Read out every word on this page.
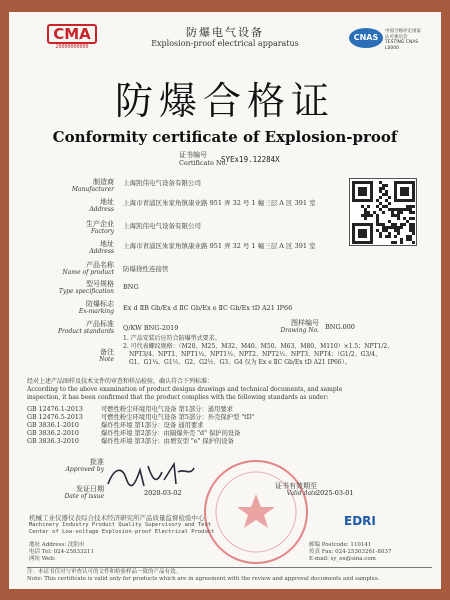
CMA
20000000000
防爆电气设备
Explosion-proof electrical apparatus
CNAS
中国合格评定国家认可委员会 TESTING CNAS L0000
防爆合格证
Conformity certificate of Explosion-proof
证书编号
Certificate No.
SYEx19.12284X
制造商
Manufacturer
上海凯伟电气设备有限公司
地址
Address
上海市青浦区朱家角镇康业路 951 弄 32 号 1 幢三层 A 区 391 室
生产企业
Factory
上海凯伟电气设备有限公司
地址
Address
上海市青浦区朱家角镇康业路 951 弄 32 号 1 幢三层 A 区 391 室
产品名称
Name of product 防爆挠性连接管
型号规格
Type specification
BNG
防爆标志
Ex-marking Ex d ⅡB Gb/Ex d ⅡC Gb/Ex e ⅡC Gb/Ex tD A21 IP66
产品标准
Product standards Q/KW BNG-2019
图样编号
Drawing No. BNG.000
备注
Note
1. 产品安装后应符合防爆型式要求。
2. 可代表螺纹规格：（M20、M25、M32、M40、M50、M63、M80、M110）×1.5；NPT1/2、
NPT3/4、NPT1、NPT1¼、NPT1½、NPT2、NPT2½、NPT3、NPT4；（G1/2、G3/4、
G1、G1¼、G1½、G2、G2½、G3、G4 仅为 Ex e ⅡC Gb/Ex tD A21 IP66）。
经对上述产品图样及技术文件的审查和样品检验，确认符合下列标准：
According to the above examination of product designs drawings and technical documents, and sample
inspection, it has been confirmed that the product complies with the following standards as under:
GB 12476.1-2013	可燃性粉尘环境用电气设备 第1部分：通用要求
GB 12476.5-2013	可燃性粉尘环境用电气设备 第5部分：外壳保护型 "tD"
GB 3836.1-2010	爆炸性环境 第1部分：设备 通用要求
GB 3836.2-2010	爆炸性环境 第2部分：由隔爆外壳 "d" 保护的设备
GB 3836.3-2010	爆炸性环境 第3部分：由增安型 "e" 保护的设备
批准
Approved by
发证日期
Date of issue	2020-03-02
证书有效期至
Valid date 2025-03-01
机械工业仪器仪表综合技术经济研究所产品质量监督检验中心
Machinery Industry Product Quality Supervisory and Test
Center of Low-voltage Explosion-proof Electrical Product
EDRI
地址 Address: 沈阳市
电话 Tel: 024-25833211
网址 Web:
邮编 Postcode: 110141
传真 Fax: 024-25303261-8037
E-mail: sy_ex@sina.com
注：本证书仅对与审查认可的文件和检验样品一致的产品有效。
Note: This certificate is valid only for products which are in agreement with the review and approval documents and samples.
